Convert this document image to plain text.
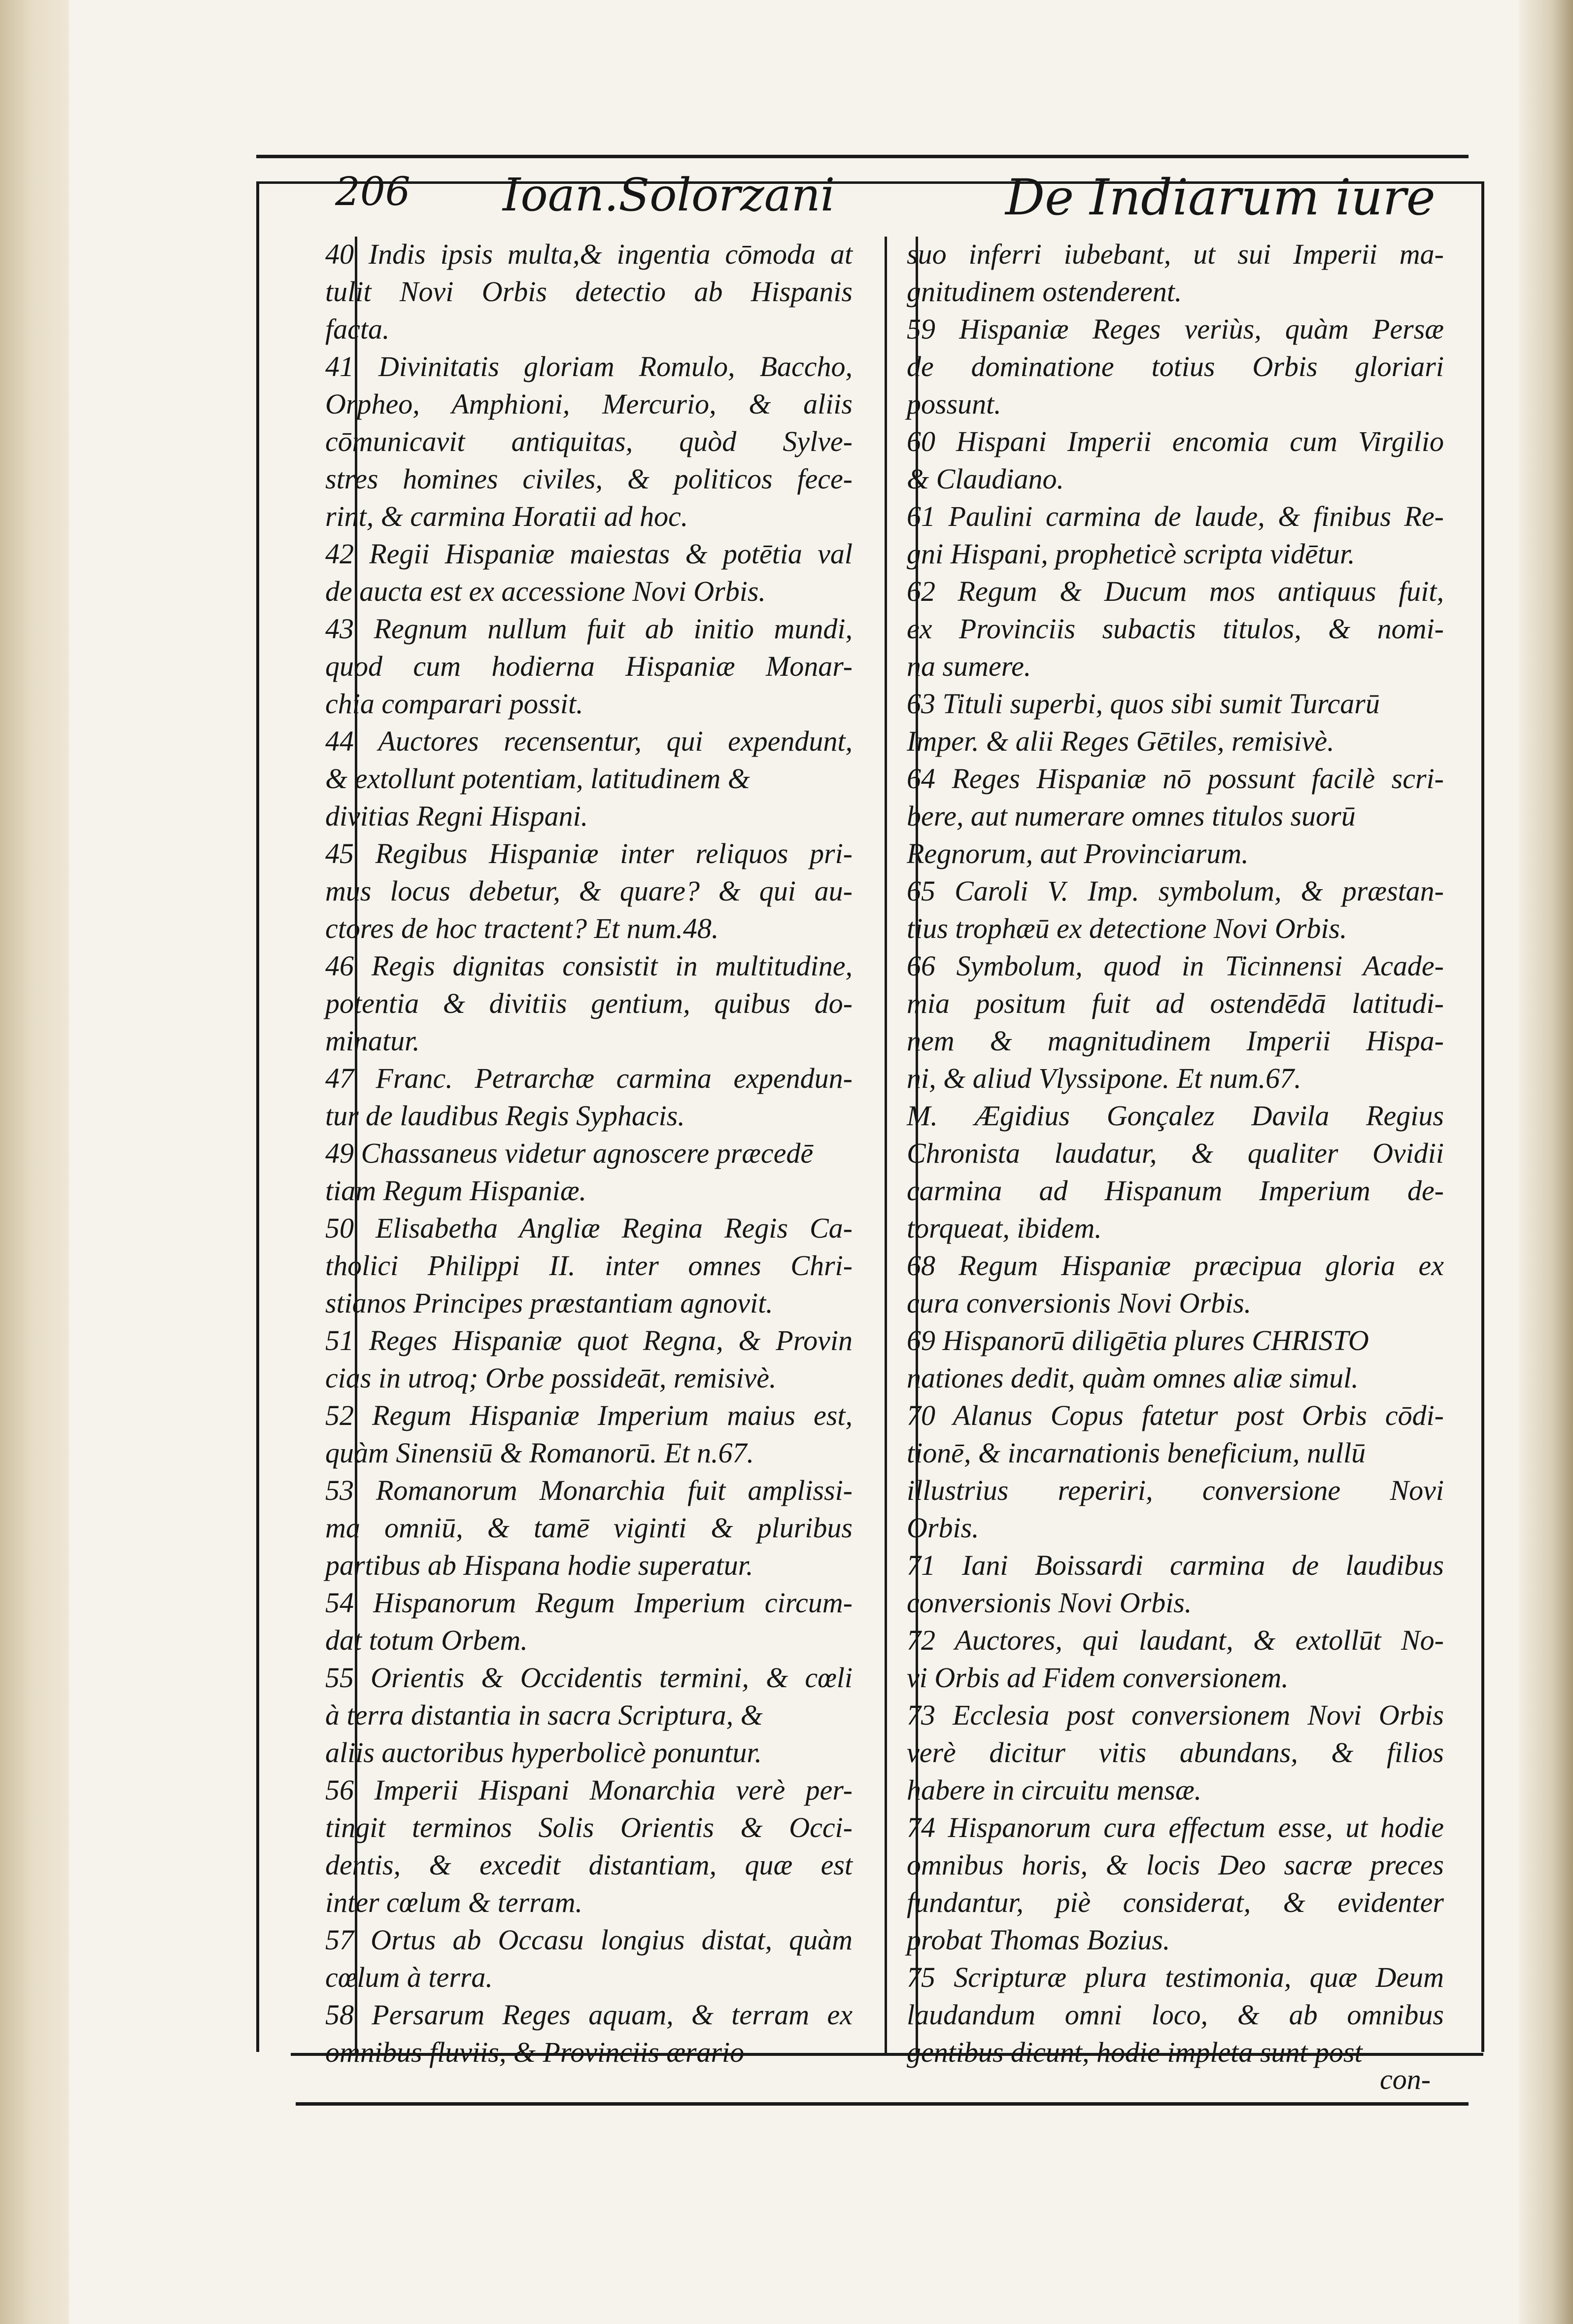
206 Ioan.Solorzani	De Indiarum iure
40 Indis ipsis multa,& ingentia cōmoda at
tulit Novi Orbis detectio ab Hispanis
facta.
41 Divinitatis gloriam Romulo, Baccho,
Orpheo, Amphioni, Mercurio, & aliis
cōmunicavit antiquitas, quòd Sylve-
stres homines civiles, & politicos fece-
rint, & carmina Horatii ad hoc.
42 Regii Hispaniæ maiestas & potētia val
de aucta est ex accessione Novi Orbis.
43 Regnum nullum fuit ab initio mundi,
quod cum hodierna Hispaniæ Monar-
chia comparari possit.
44 Auctores recensentur, qui expendunt,
& extollunt potentiam, latitudinem &
divitias Regni Hispani.
45 Regibus Hispaniæ inter reliquos pri-
mus locus debetur, & quare? & qui au-
ctores de hoc tractent? Et num.48.
46 Regis dignitas consistit in multitudine,
potentia & divitiis gentium, quibus do-
minatur.
47 Franc. Petrarchæ carmina expendun-
tur de laudibus Regis Syphacis.
49 Chassaneus videtur agnoscere præcedē
tiam Regum Hispaniæ.
50 Elisabetha Angliæ Regina Regis Ca-
tholici Philippi II. inter omnes Chri-
stianos Principes præstantiam agnovit.
51 Reges Hispaniæ quot Regna, & Provin
cias in utroq; Orbe possideāt, remisivè.
52 Regum Hispaniæ Imperium maius est,
quàm Sinensiū & Romanorū. Et n.67.
53 Romanorum Monarchia fuit amplissi-
ma omniū, & tamē viginti & pluribus
partibus ab Hispana hodie superatur.
54 Hispanorum Regum Imperium circum-
dat totum Orbem.
55 Orientis & Occidentis termini, & cœli
à terra distantia in sacra Scriptura, &
aliis auctoribus hyperbolicè ponuntur.
56 Imperii Hispani Monarchia verè per-
tingit terminos Solis Orientis & Occi-
dentis, & excedit distantiam, quæ est
inter cœlum & terram.
57 Ortus ab Occasu longius distat, quàm
cœlum à terra.
58 Persarum Reges aquam, & terram ex
omnibus fluviis, & Provinciis ærario
suo inferri iubebant, ut sui Imperii ma-
gnitudinem ostenderent.
59 Hispaniæ Reges veriùs, quàm Persæ
de dominatione totius Orbis gloriari
possunt.
60 Hispani Imperii encomia cum Virgilio
& Claudiano.
61 Paulini carmina de laude, & finibus Re-
gni Hispani, propheticè scripta vidētur.
62 Regum & Ducum mos antiquus fuit,
ex Provinciis subactis titulos, & nomi-
na sumere.
63 Tituli superbi, quos sibi sumit Turcarū
Imper. & alii Reges Gētiles, remisivè.
64 Reges Hispaniæ nō possunt facilè scri-
bere, aut numerare omnes titulos suorū
Regnorum, aut Provinciarum.
65 Caroli V. Imp. symbolum, & præstan-
tius trophæū ex detectione Novi Orbis.
66 Symbolum, quod in Ticinnensi Acade-
mia positum fuit ad ostendēdā latitudi-
nem & magnitudinem Imperii Hispa-
ni, & aliud Vlyssipone. Et num.67.
M. Ægidius Gonçalez Davila Regius
Chronista laudatur, & qualiter Ovidii
carmina ad Hispanum Imperium de-
torqueat, ibidem.
68 Regum Hispaniæ præcipua gloria ex
cura conversionis Novi Orbis.
69 Hispanorū diligētia plures CHRISTO
nationes dedit, quàm omnes aliæ simul.
70 Alanus Copus fatetur post Orbis cōdi-
tionē, & incarnationis beneficium, nullū
illustrius reperiri, conversione Novi
Orbis.
71 Iani Boissardi carmina de laudibus
conversionis Novi Orbis.
72 Auctores, qui laudant, & extollūt No-
vi Orbis ad Fidem conversionem.
73 Ecclesia post conversionem Novi Orbis
verè dicitur vitis abundans, & filios
habere in circuitu mensæ.
74 Hispanorum cura effectum esse, ut hodie
omnibus horis, & locis Deo sacræ preces
fundantur, piè considerat, & evidenter
probat Thomas Bozius.
75 Scripturæ plura testimonia, quæ Deum
laudandum omni loco, & ab omnibus
gentibus dicunt, hodie impleta sunt post
con-
